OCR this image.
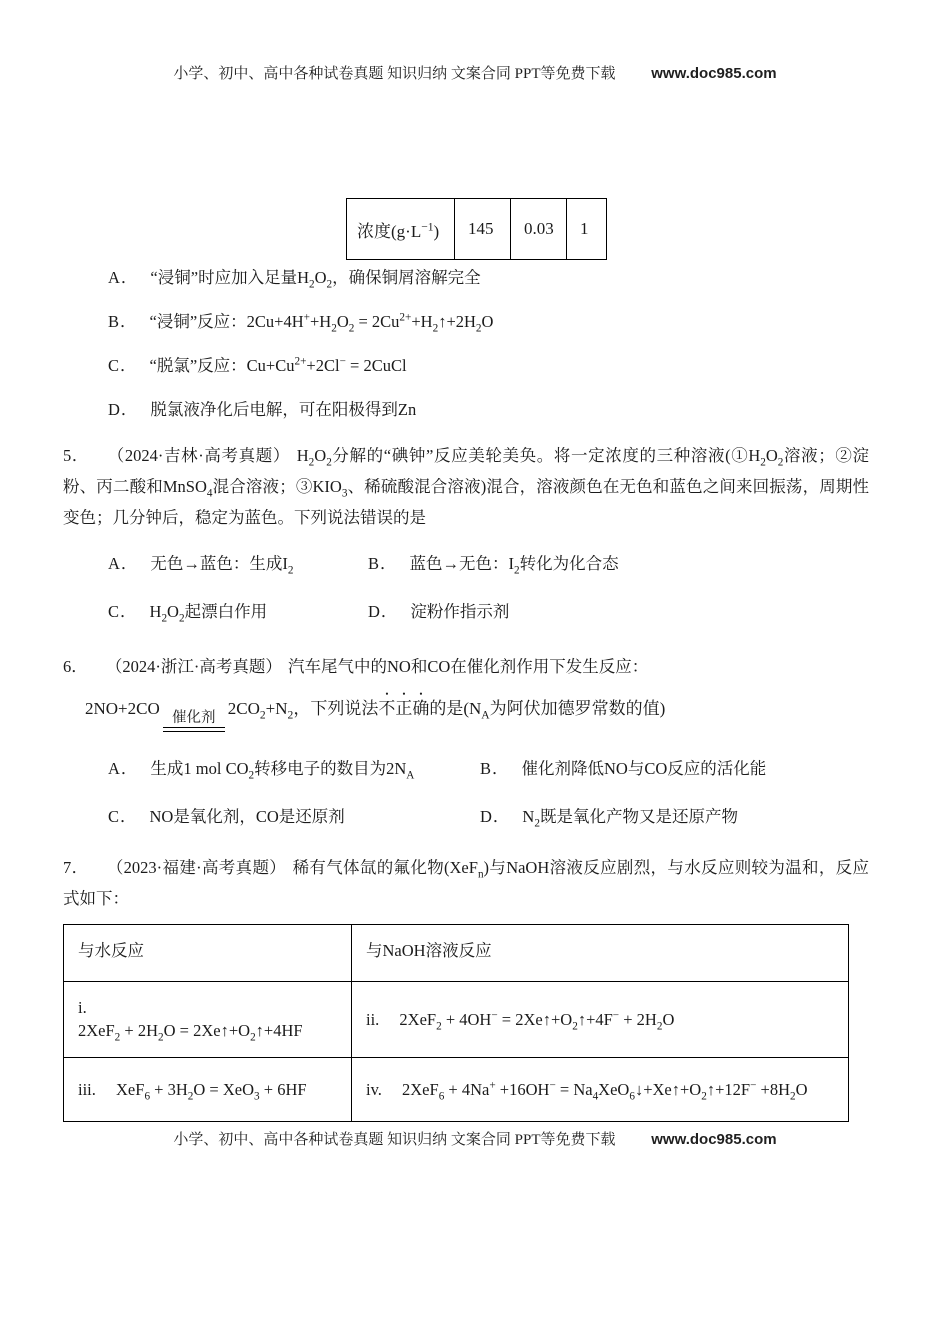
小学、初中、高中各种试卷真题 知识归纳 文案合同 PPT等免费下载 www.doc985.com
浓度$(g\cdot L^{-1})$	145	0.03	1
A． “浸铜”时应加入足量$H_2O_2$，确保铜屑溶解完全
B． “浸铜”反应：$2Cu+4H^++H_2O_2$ = $2Cu^{2+}+H_2↑+2H_2O$
C． “脱氯”反应：$Cu+Cu^{2+}+2Cl^-$ = 2CuCl
D． 脱氯液净化后电解，可在阳极得到Zn

5． （2024·吉林·高考真题） $H_2O_2$分解的“碘钟”反应美轮美奂。将一定浓度的三种溶液($①H_2O_2$溶液；②淀粉、丙二酸和MnSO$_4$混合溶液；$③KIO_3$、稀硫酸混合溶液)混合，溶液颜色在无色和蓝色之间来回振荡，周期性变色；几分钟后，稳定为蓝色。下列说法错误的是

A． 无色→蓝色：生成$I_2$	B． 蓝色→无色：$I_2$转化为化合态
C． $H_2O_2$起漂白作用	D． 淀粉作指示剂

6． （2024·浙江·高考真题） 汽车尾气中的NO和CO在催化剂作用下发生反应：

2NO+2CO 催化剂 $2CO_2+N_2$，下列说法不正确的是($N_A$为阿伏加德罗常数的值)

A． 生成1 mol $CO_2$转移电子的数目为$2N_A$	B． 催化剂降低NO与CO反应的活化能
C． NO是氧化剂，CO是还原剂	D． $N_2$既是氧化产物又是还原产物

7． （2023·福建·高考真题） 稀有气体氙的氟化物(XeF$_n$)与NaOH溶液反应剧烈，与水反应则较为温和，反应式如下：

与水反应	与NaOH溶液反应

i.
$2XeF_2 + 2H_2O$ = $2Xe↑+O_2↑+4HF$	ii. $2XeF_2 + 4OH^- = 2Xe↑+O_2↑+4F^- + 2H_2O$
iii. $XeF_6 + 3H_2O = XeO_3 + 6HF$	iv. $2XeF_6 + 4Na^+ +16OH^- = Na_4XeO_6↓+Xe↑+O_2↑+12F^- +8H_2O$
小学、初中、高中各种试卷真题 知识归纳 文案合同 PPT等免费下载 www.doc985.com
